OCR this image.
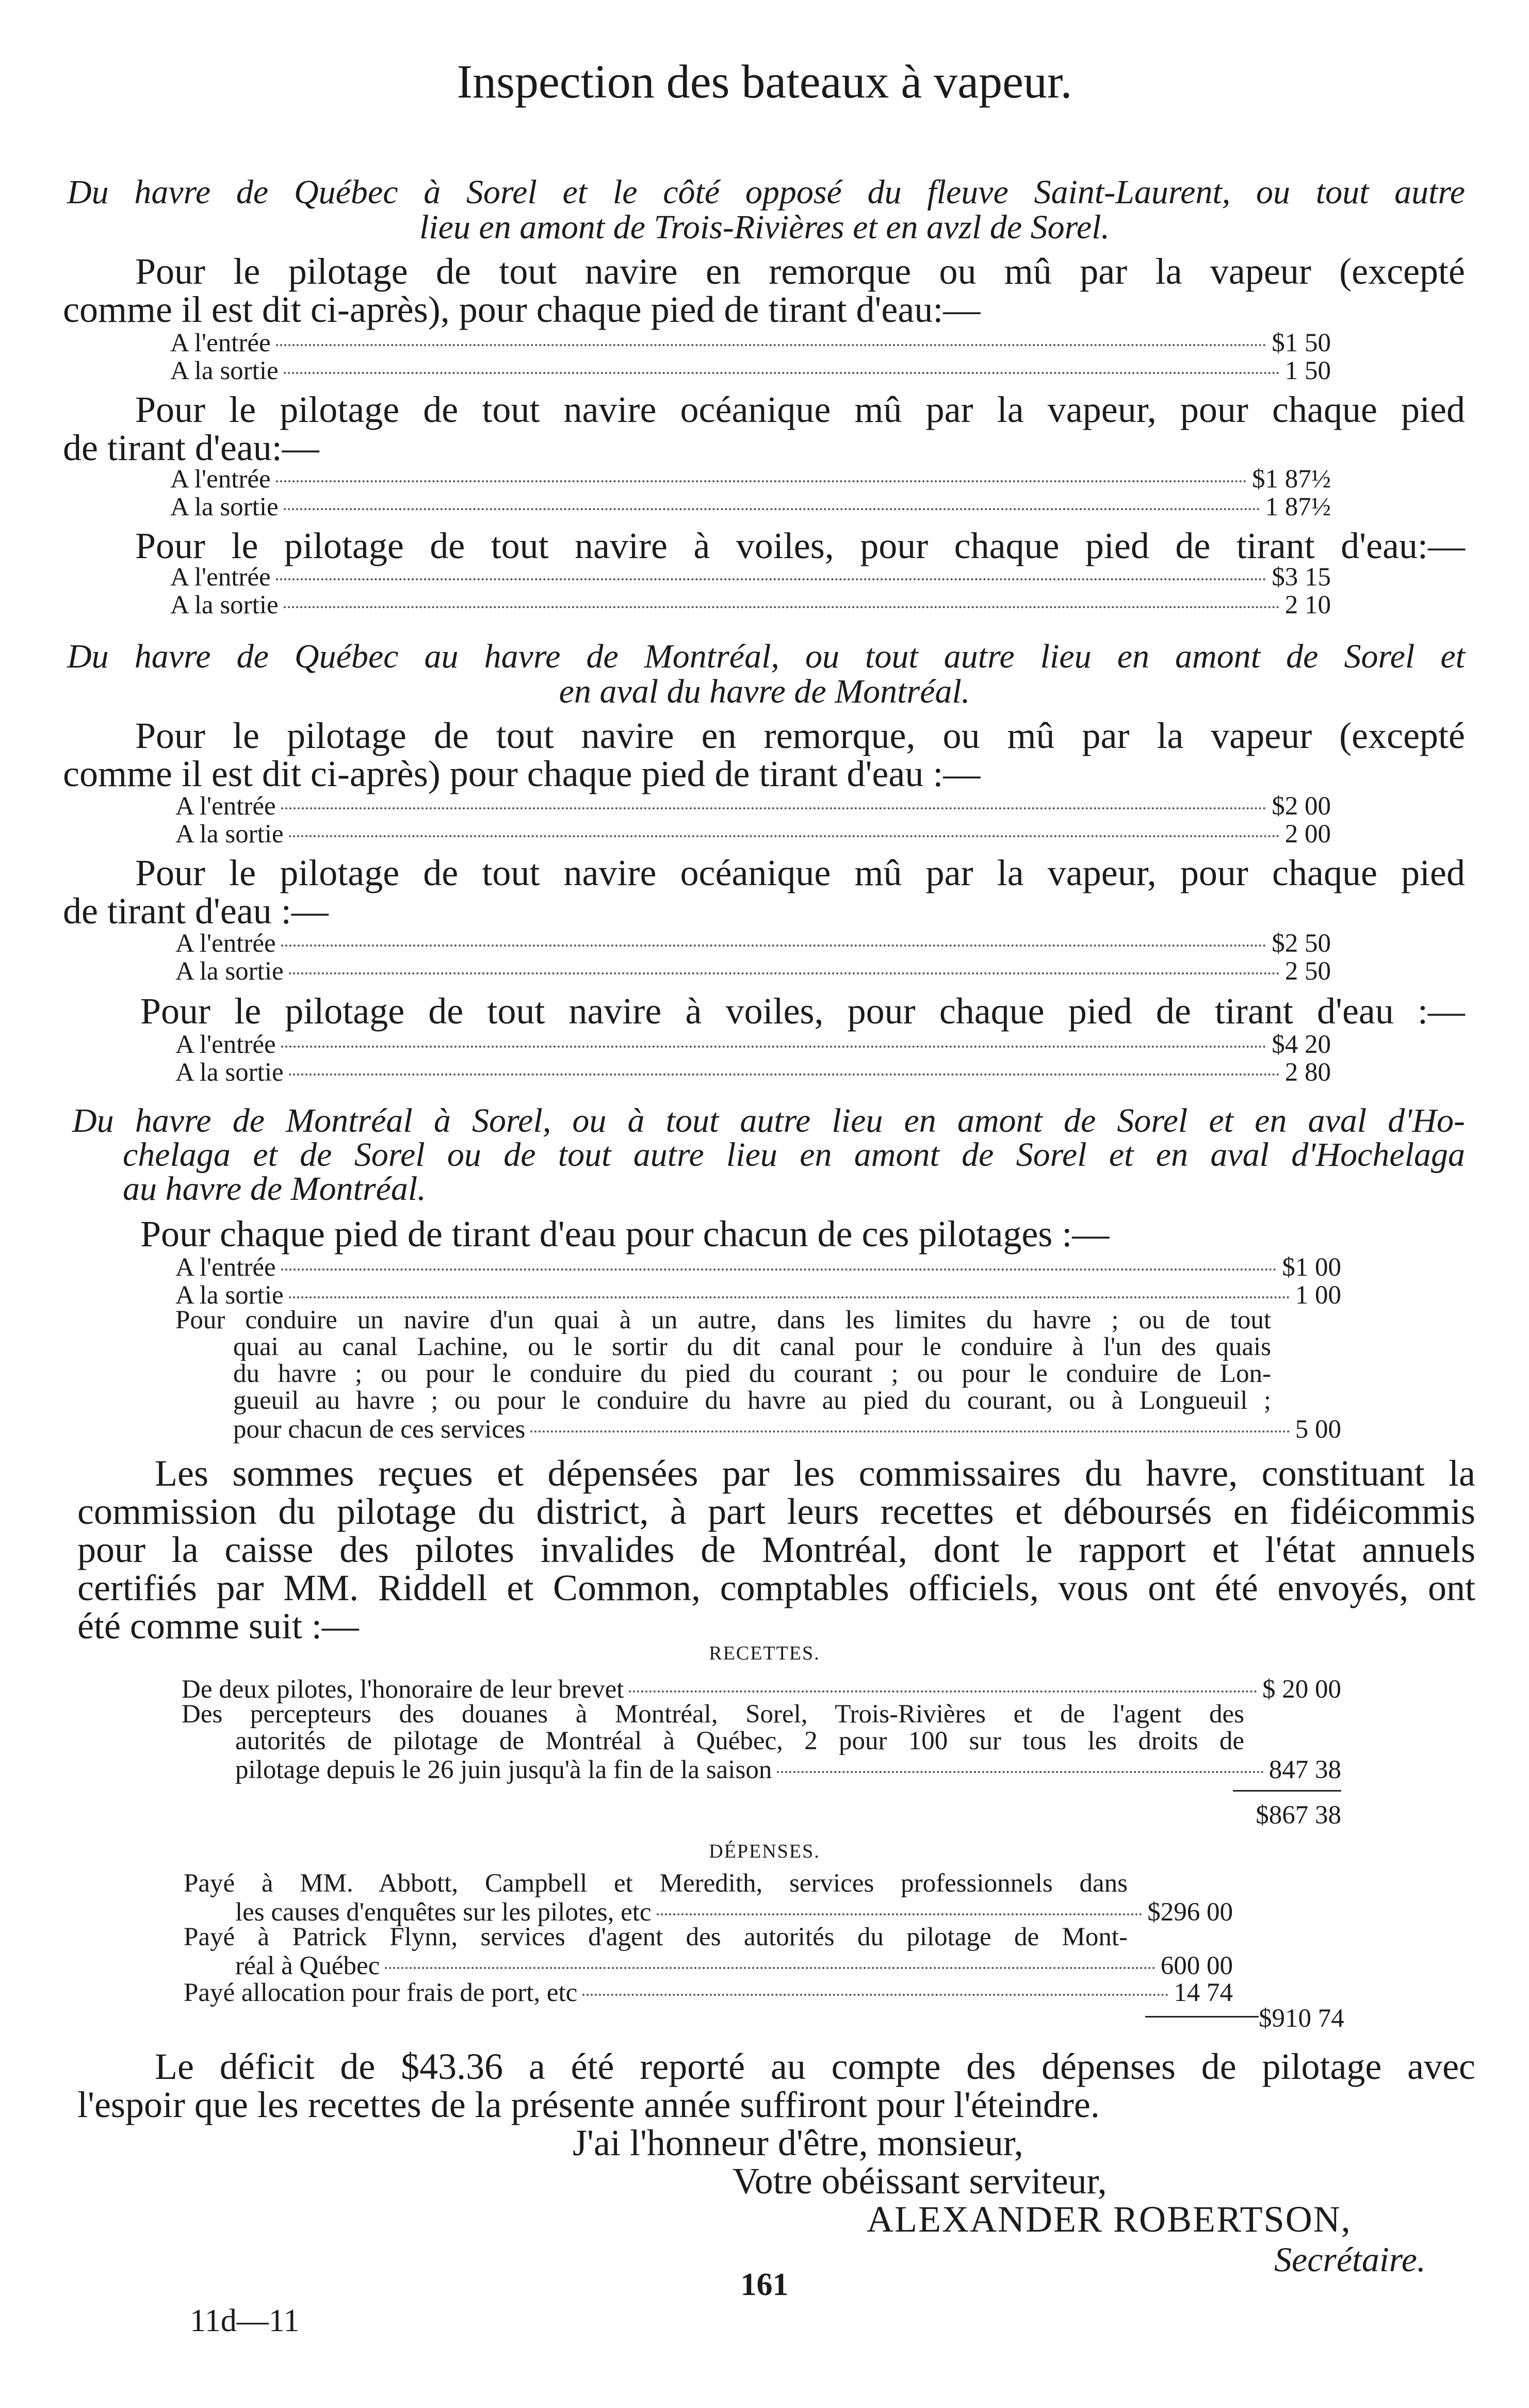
Inspection des bateaux à vapeur.
Du havre de Québec à Sorel et le côté opposé du fleuve Saint-Laurent, ou tout autre
lieu en amont de Trois-Rivières et en avzl de Sorel.
Pour le pilotage de tout navire en remorque ou mû par la vapeur (excepté
comme il est dit ci-après), pour chaque pied de tirant d'eau:—
A l'entrée	$1 50
A la sortie	1 50
Pour le pilotage de tout navire océanique mû par la vapeur, pour chaque pied
de tirant d'eau:—
A l'entrée	$1 87½
A la sortie	1 87½
Pour le pilotage de tout navire à voiles, pour chaque pied de tirant d'eau:—
A l'entrée	$3 15
A la sortie	2 10
Du havre de Québec au havre de Montréal, ou tout autre lieu en amont de Sorel et
en aval du havre de Montréal.
Pour le pilotage de tout navire en remorque, ou mû par la vapeur (excepté
comme il est dit ci-après) pour chaque pied de tirant d'eau :—
A l'entrée	$2 00
A la sortie	2 00
Pour le pilotage de tout navire océanique mû par la vapeur, pour chaque pied
de tirant d'eau :—
A l'entrée	$2 50
A la sortie	2 50
Pour le pilotage de tout navire à voiles, pour chaque pied de tirant d'eau :—
A l'entrée	$4 20
A la sortie	2 80
Du havre de Montréal à Sorel, ou à tout autre lieu en amont de Sorel et en aval d'Ho-
chelaga et de Sorel ou de tout autre lieu en amont de Sorel et en aval d'Hochelaga
au havre de Montréal.
Pour chaque pied de tirant d'eau pour chacun de ces pilotages :—
A l'entrée	$1 00
A la sortie	1 00
Pour conduire un navire d'un quai à un autre, dans les limites du havre ; ou de tout
quai au canal Lachine, ou le sortir du dit canal pour le conduire à l'un des quais
du havre ; ou pour le conduire du pied du courant ; ou pour le conduire de Lon-
gueuil au havre ; ou pour le conduire du havre au pied du courant, ou à Longueuil ;
pour chacun de ces services	5 00
Les sommes reçues et dépensées par les commissaires du havre, constituant la
commission du pilotage du district, à part leurs recettes et déboursés en fidéicommis
pour la caisse des pilotes invalides de Montréal, dont le rapport et l'état annuels
certifiés par MM. Riddell et Common, comptables officiels, vous ont été envoyés, ont
été comme suit :—
RECETTES.
De deux pilotes, l'honoraire de leur brevet	$ 20 00
Des percepteurs des douanes à Montréal, Sorel, Trois-Rivières et de l'agent des
autorités de pilotage de Montréal à Québec, 2 pour 100 sur tous les droits de
pilotage depuis le 26 juin jusqu'à la fin de la saison	847 38
$867 38
DÉPENSES.
Payé à MM. Abbott, Campbell et Meredith, services professionnels dans
les causes d'enquêtes sur les pilotes, etc	$296 00
Payé à Patrick Flynn, services d'agent des autorités du pilotage de Mont-
réal à Québec	600 00
Payé allocation pour frais de port, etc	14 74
$910 74
Le déficit de $43.36 a été reporté au compte des dépenses de pilotage avec
l'espoir que les recettes de la présente année suffiront pour l'éteindre.
J'ai l'honneur d'être, monsieur,
Votre obéissant serviteur,
ALEXANDER ROBERTSON,
Secrétaire.
161
11d—11
